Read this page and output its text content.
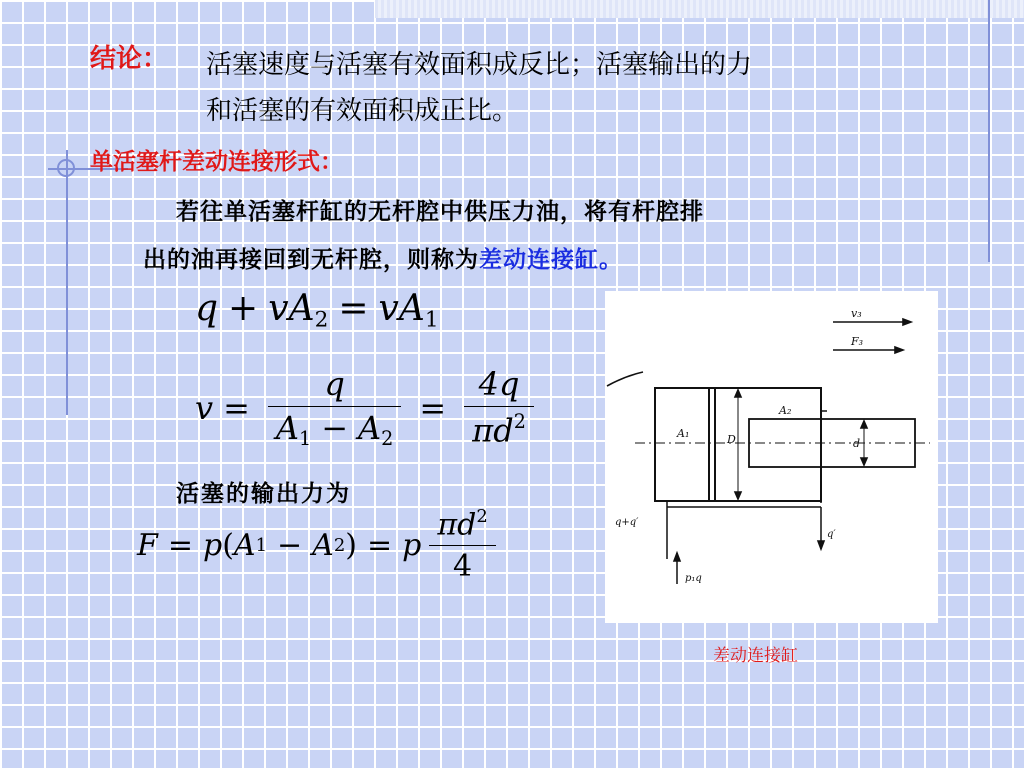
结论： 活塞速度与活塞有效面积成反比；活塞输出的力
和活塞的有效面积成正比。
单活塞杆差动连接形式：
若往单活塞杆缸的无杆腔中供压力油，将有杆腔排
出的油再接回到无杆腔，则称为差动连接缸。
$q + vA_2 = vA_1$
$v = \frac{q}{A_1 - A_2} = \frac{4q}{\pi d^2}$
活塞的输出力为
F = p ( A 1 − A 2 ) = p $\frac{\pi d^2}{4}$
v₃
F₃
A₂
A₁	D	d
q+q′
q′
p₁q
差动连接缸
